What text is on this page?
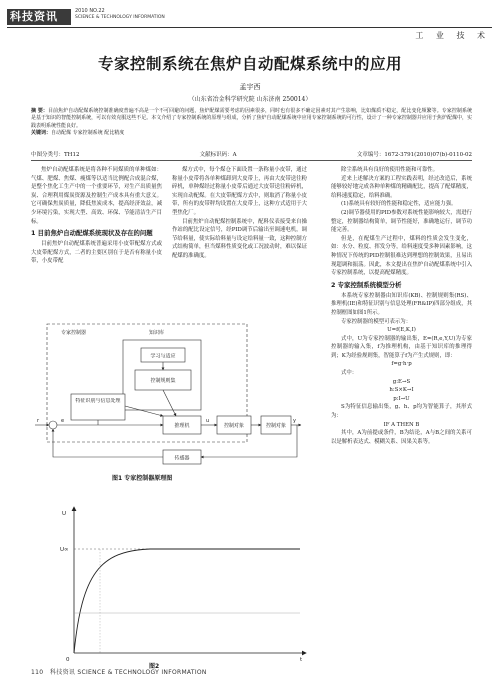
科技资讯	2010 NO.22
SCIENCE & TECHNOLOGY INFORMATION
工 业 技 术
专家控制系统在焦炉自动配煤系统中的应用
孟宇西
（山东省冶金科学研究院 山东济南 250014）
摘 要：目前焦炉自动配煤系统控制准确度普遍不高是一个不可回避的问题，焦炉配煤需要考虑的因素很多，同时也有很多不确定因素对其产生影响，比如煤质不稳定，配比变化频繁等。专家控制系统是基于知识的智能控制系统，可以有效克服这些不足。本文介绍了专家控制系统的原理与组成，分析了焦炉自动配煤系统中应用专家控制系统的可行性，设计了一种专家控制器并应用于焦炉配煤中，实践表明系统性能良好。
关键词：自动配煤 专家控制系统 配比精度
中图分类号：TH12	文献标识码：A	文章编号：1672-3791(2010)07(b)-0110-02

焦炉自动配煤系统是将各种不同煤质的单种煤如：气煤、肥煤、焦煤、瘦煤等以适当比例配合成混合煤，是整个焦化工生产中的一个重要环节，对生产出质量焦炭、合理利用煤炭资源及控制生产成本具有重大意义。它可确保焦炭质量，降低焦炭成本，提高经济效益，减少环境污染，实现大型、高效、环保、节能清洁生产目标。

1 目前焦炉自动配煤系统现状及存在的问题

目前焦炉自动配煤系统普遍采用小皮带配煤方式或大皮带配煤方式，二者的主要区别在于是否有称量小皮带，小皮带配

煤方式中，每个煤仓下面设置一条称量小皮带，通过称量小皮带将各单种煤卸到大皮带上，再由大皮带送往粉碎机，单种煤经过称量小皮带后通过大皮带送往粉碎机，实现自动配煤。在大皮带配煤方式中，则取消了称量小皮带，所有的皮带秤均设置在大皮带上，这种方式适用于大型焦化厂。

目前焦炉自动配煤控制系统中，配料仪表接受来自操作站的配比设定信号，经PID调节后输出至调速电机，调节给料量，使实际给料量与设定给料量一致，这种控制方式结构简单，但当煤料性质变化或工况波动时，难以保证配煤的准确度。

除尘系统具有良好的使用性能和可靠性。

近来上述解决方案的工程实践表明，经过改造后，系统能够较好地完成各种单种煤的精确配比，提高了配煤精度，给料速度稳定，给料准确。

(1)系统具有较好的性能和稳定性，适应能力强。

(2)调节器使用的PID参数对系统性能影响较大，需进行整定，控制器结构简单，调节性能好，准确地运行，调节功能完善。

但是，在配煤生产过程中，煤料的性质会发生变化，如：水分、粒度、挥发分等，给料速度受多种因素影响，这种情况下传统的PID控制很难达到理想的控制效果，且易出现超调和振荡。因此，本文提出在焦炉自动配煤系统中引入专家控制系统，以提高配煤精度。

2 专家控制系统模型分析

本系统专家控制器由知识库(KB)、控制规则集(RS)、推理机(IE)和特征识别与信息处理(FR&IP)四部分组成，其控制框图如图1所示。

专家控制器的模型可表示为：

U=f(E,K,I)

式中，U为专家控制器的输出集，E=(R,e,Y,U)为专家控制器的输入集，f为推理机构，由基于知识库的推理得到；K为经验规则集，智能算子f为产生式规则，即：

f=g·h·p

式中：

g:E→S

h:S×K→I

p:I→U

S为特征信息输出集，g、h、p均为智能算子，其形式为：

IF A THEN B

其中，A为前提或条件，B为结论，A与B之间的关系可以是解析表达式、模糊关系、因果关系等。

专家控制器	知识库
学习与适应
控制规则集
特征识别与信息处理
推理机	控制对象	控制对象
传感器
r	e	u	y
图1 专家控制器原理图
U
t
0
U∞
图2
110 科技资讯 SCIENCE & TECHNOLOGY INFORMATION
